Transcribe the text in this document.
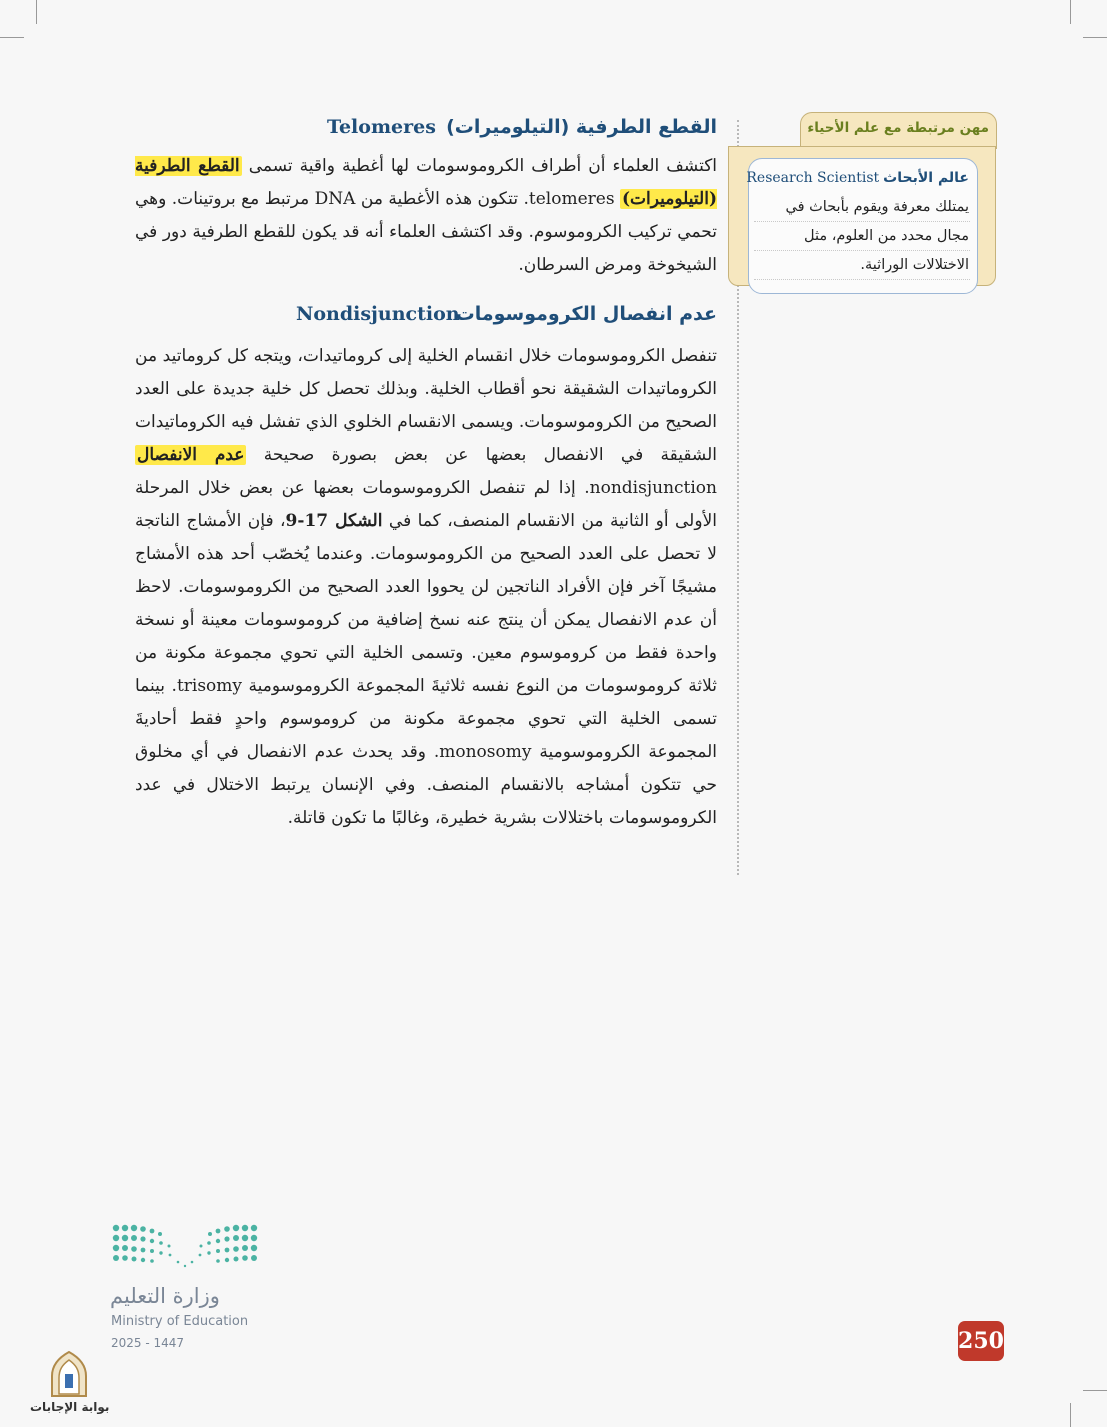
القطع الطرفية (التيلوميرات)
Telomeres
اكتشف العلماء أن أطراف الكروموسومات لها أغطية واقية تسمى القطع الطرفية (التيلوميرات) telomeres. تتكون هذه الأغطية من DNA مرتبط مع بروتينات. وهي تحمي تركيب الكروموسوم. وقد اكتشف العلماء أنه قد يكون للقطع الطرفية دور في الشيخوخة ومرض السرطان.
عدم انفصال الكروموسومات
Nondisjunction
تنفصل الكروموسومات خلال انقسام الخلية إلى كروماتيدات، ويتجه كل كروماتيد من الكروماتيدات الشقيقة نحو أقطاب الخلية. وبذلك تحصل كل خلية جديدة على العدد الصحيح من الكروموسومات. ويسمى الانقسام الخلوي الذي تفشل فيه الكروماتيدات الشقيقة في الانفصال بعضها عن بعض بصورة صحيحة عدم الانفصال nondisjunction. إذا لم تنفصل الكروموسومات بعضها عن بعض خلال المرحلة الأولى أو الثانية من الانقسام المنصف، كما في الشكل 17-9، فإن الأمشاج الناتجة لا تحصل على العدد الصحيح من الكروموسومات. وعندما يُخصّب أحد هذه الأمشاج مشيجًا آخر فإن الأفراد الناتجين لن يحووا العدد الصحيح من الكروموسومات. لاحظ أن عدم الانفصال يمكن أن ينتج عنه نسخ إضافية من كروموسومات معينة أو نسخة واحدة فقط من كروموسوم معين. وتسمى الخلية التي تحوي مجموعة مكونة من ثلاثة كروموسومات من النوع نفسه ثلاثيةَ المجموعة الكروموسومية trisomy. بينما تسمى الخلية التي تحوي مجموعة مكونة من كروموسوم واحدٍ فقط أحاديةَ المجموعة الكروموسومية monosomy. وقد يحدث عدم الانفصال في أي مخلوق حي تتكون أمشاجه بالانقسام المنصف. وفي الإنسان يرتبط الاختلال في عدد الكروموسومات باختلالات بشرية خطيرة، وغالبًا ما تكون قاتلة.
مهن مرتبطة مع علم الأحياء
عالم الأبحاثResearch Scientist
يمتلك معرفة ويقوم بأبحاث في مجال محدد من العلوم، مثل الاختلالات الوراثية.
وزارة التعليم
Ministry of Education
2025 - 1447	250
بوابة الإجابات
